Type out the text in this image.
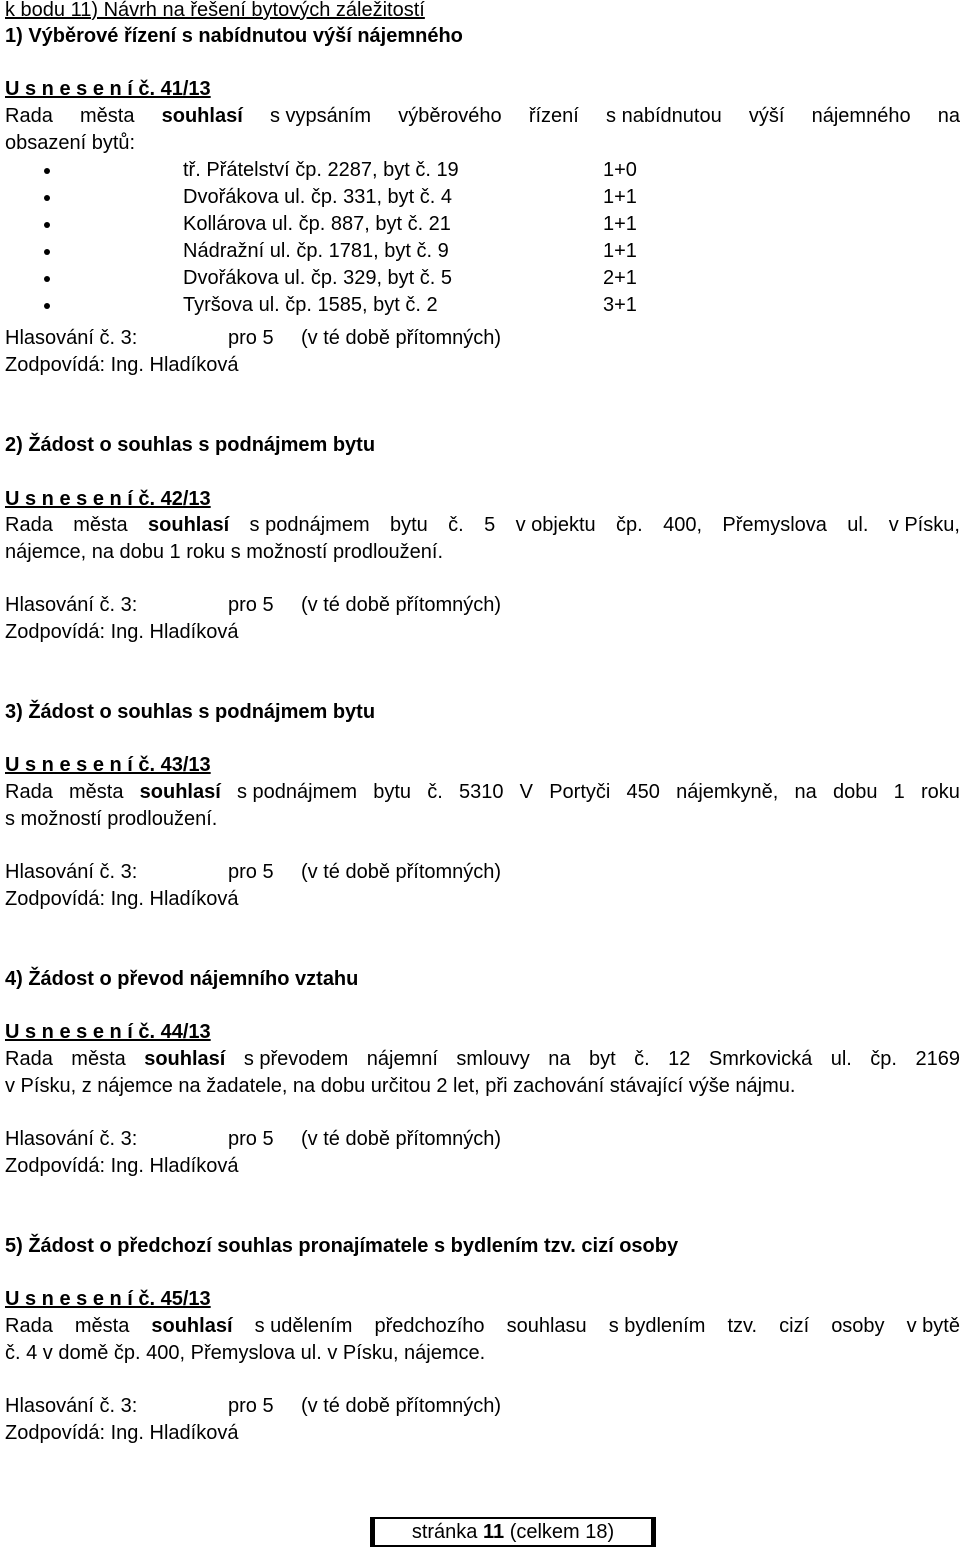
k bodu 11) Návrh na řešení bytových záležitostí
1) Výběrové řízení s nabídnutou výší nájemného
U s n e s e n í č. 41/13
Rada města souhlasí s vypsáním výběrového řízení s nabídnutou výší nájemného na
obsazení bytů:
tř. Přátelství čp. 2287, byt č. 19	1+0
Dvořákova ul. čp. 331, byt č. 4	1+1
Kollárova ul. čp. 887, byt č. 21	1+1
Nádražní ul. čp. 1781, byt č. 9	1+1
Dvořákova ul. čp. 329, byt č. 5	2+1
Tyršova ul. čp. 1585, byt č. 2	3+1
Hlasování č. 3:	pro 5 (v té době přítomných)
Zodpovídá: Ing. Hladíková
2) Žádost o souhlas s podnájmem bytu
U s n e s e n í č. 42/13
Rada města souhlasí s podnájmem bytu č. 5 v objektu čp. 400, Přemyslova ul. v Písku,
nájemce, na dobu 1 roku s možností prodloužení.
Hlasování č. 3:	pro 5 (v té době přítomných)
Zodpovídá: Ing. Hladíková
3) Žádost o souhlas s podnájmem bytu
U s n e s e n í č. 43/13
Rada města souhlasí s podnájmem bytu č. 5310 V Portyči 450 nájemkyně, na dobu 1 roku
s možností prodloužení.
Hlasování č. 3:	pro 5 (v té době přítomných)
Zodpovídá: Ing. Hladíková
4) Žádost o převod nájemního vztahu
U s n e s e n í č. 44/13
Rada města souhlasí s převodem nájemní smlouvy na byt č. 12 Smrkovická ul. čp. 2169
v Písku, z nájemce na žadatele, na dobu určitou 2 let, při zachování stávající výše nájmu.
Hlasování č. 3:	pro 5 (v té době přítomných)
Zodpovídá: Ing. Hladíková
5) Žádost o předchozí souhlas pronajímatele s bydlením tzv. cizí osoby
U s n e s e n í č. 45/13
Rada města souhlasí s udělením předchozího souhlasu s bydlením tzv. cizí osoby v bytě
č. 4 v domě čp. 400, Přemyslova ul. v Písku, nájemce.
Hlasování č. 3:	pro 5 (v té době přítomných)
Zodpovídá: Ing. Hladíková
stránka 11 (celkem 18)
